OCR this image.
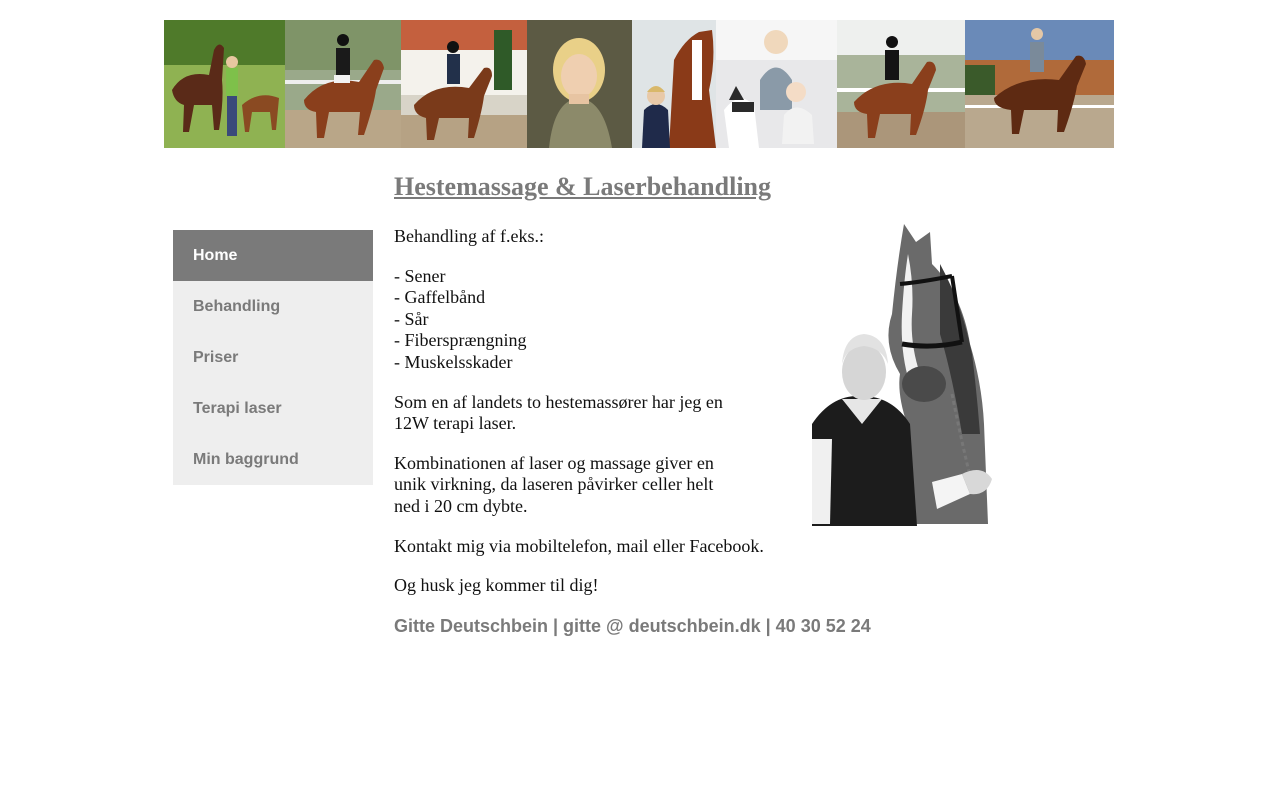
Hestemassage & Laserbehandling
Home
Behandling
Priser
Terapi laser
Min baggrund

Behandling af f.eks.:

- Sener
- Gaffelbånd
- Sår
- Fibersprængning
- Muskelsskader

Som en af landets to hestemassører har jeg en
12W terapi laser.

Kombinationen af laser og massage giver en
unik virkning, da laseren påvirker celler helt
ned i 20 cm dybte.

Kontakt mig via mobiltelefon, mail eller Facebook.

Og husk jeg kommer til dig!

Gitte Deutschbein | gitte @ deutschbein.dk | 40 30 52 24
